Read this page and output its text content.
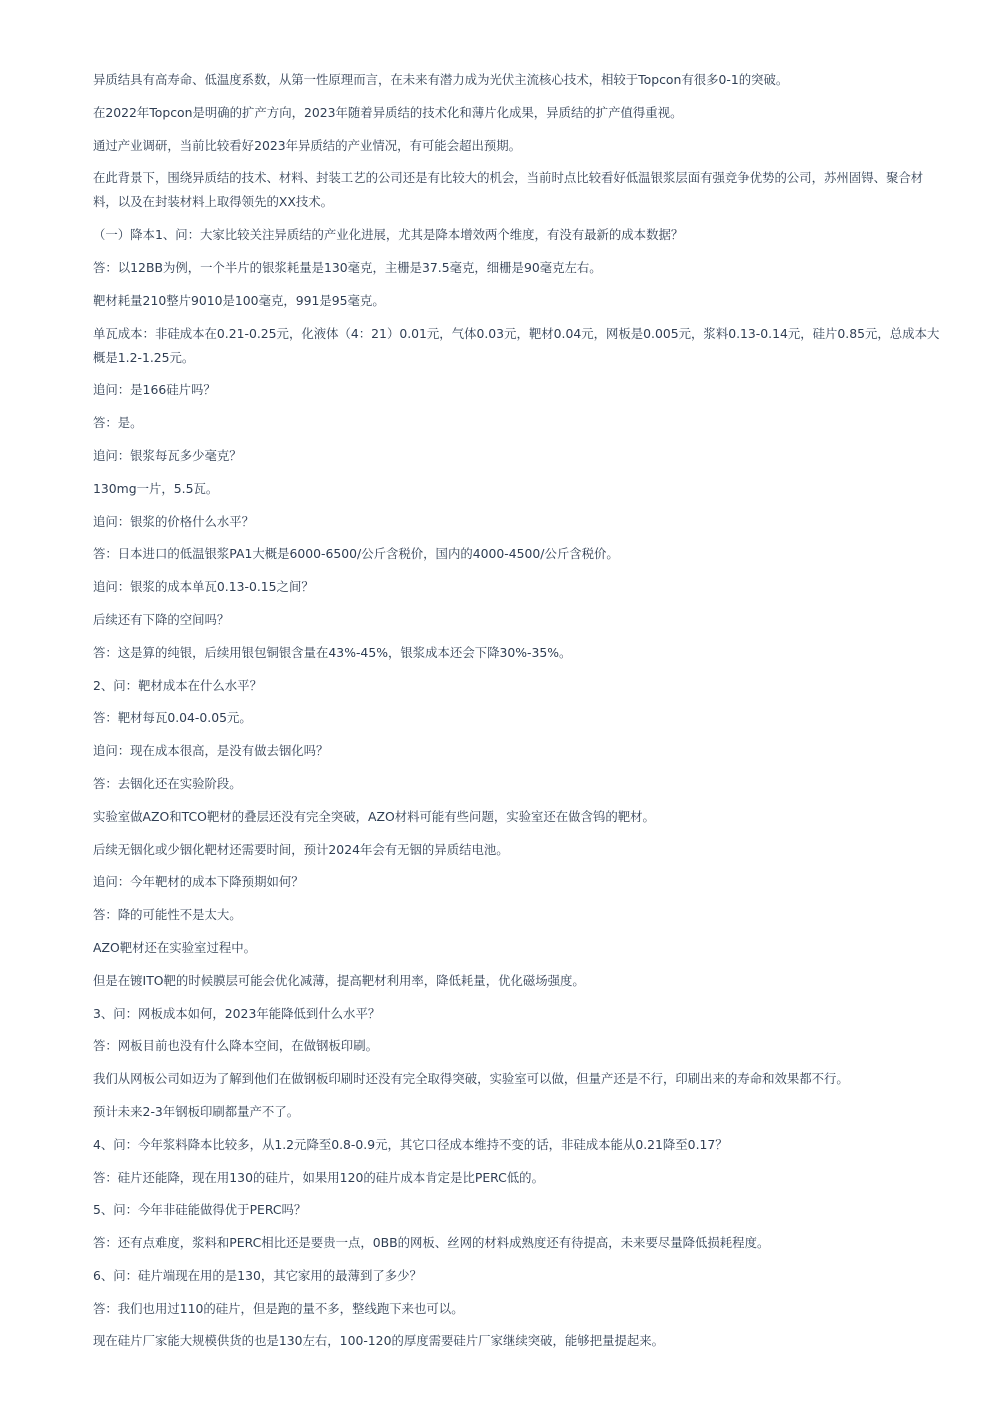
异质结具有高寿命、低温度系数，从第一性原理而言，在未来有潜力成为光伏主流核心技术，相较于Topcon有很多0-1的突破。

在2022年Topcon是明确的扩产方向，2023年随着异质结的技术化和薄片化成果，异质结的扩产值得重视。

通过产业调研，当前比较看好2023年异质结的产业情况，有可能会超出预期。

在此背景下，围绕异质结的技术、材料、封装工艺的公司还是有比较大的机会，当前时点比较看好低温银浆层面有强竞争优势的公司，苏州固锝、聚合材料，以及在封装材料上取得领先的XX技术。

（一）降本1、问：大家比较关注异质结的产业化进展，尤其是降本增效两个维度，有没有最新的成本数据？

答：以12BB为例，一个半片的银浆耗量是130毫克，主栅是37.5毫克，细栅是90毫克左右。

靶材耗量210整片9010是100毫克，991是95毫克。

单瓦成本：非硅成本在0.21-0.25元，化液体（4：21）0.01元，气体0.03元，靶材0.04元，网板是0.005元，浆料0.13-0.14元，硅片0.85元，总成本大概是1.2-1.25元。

追问：是166硅片吗？

答：是。

追问：银浆每瓦多少毫克？

130mg一片，5.5瓦。

追问：银浆的价格什么水平？

答：日本进口的低温银浆PA1大概是6000-6500/公斤含税价，国内的4000-4500/公斤含税价。

追问：银浆的成本单瓦0.13-0.15之间？

后续还有下降的空间吗？

答：这是算的纯银，后续用银包铜银含量在43%-45%，银浆成本还会下降30%-35%。

2、问：靶材成本在什么水平？

答：靶材每瓦0.04-0.05元。

追问：现在成本很高，是没有做去铟化吗？

答：去铟化还在实验阶段。

实验室做AZO和TCO靶材的叠层还没有完全突破，AZO材料可能有些问题，实验室还在做含钨的靶材。

后续无铟化或少铟化靶材还需要时间，预计2024年会有无铟的异质结电池。

追问：今年靶材的成本下降预期如何？

答：降的可能性不是太大。

AZO靶材还在实验室过程中。

但是在镀ITO靶的时候膜层可能会优化减薄，提高靶材利用率，降低耗量，优化磁场强度。

3、问：网板成本如何，2023年能降低到什么水平？

答：网板目前也没有什么降本空间，在做钢板印刷。

我们从网板公司如迈为了解到他们在做钢板印刷时还没有完全取得突破，实验室可以做，但量产还是不行，印刷出来的寿命和效果都不行。

预计未来2-3年钢板印刷都量产不了。

4、问：今年浆料降本比较多，从1.2元降至0.8-0.9元，其它口径成本维持不变的话，非硅成本能从0.21降至0.17？

答：硅片还能降，现在用130的硅片，如果用120的硅片成本肯定是比PERC低的。

5、问：今年非硅能做得优于PERC吗？

答：还有点难度，浆料和PERC相比还是要贵一点，0BB的网板、丝网的材料成熟度还有待提高，未来要尽量降低损耗程度。

6、问：硅片端现在用的是130，其它家用的最薄到了多少？

答：我们也用过110的硅片，但是跑的量不多，整线跑下来也可以。

现在硅片厂家能大规模供货的也是130左右，100-120的厚度需要硅片厂家继续突破，能够把量提起来。
